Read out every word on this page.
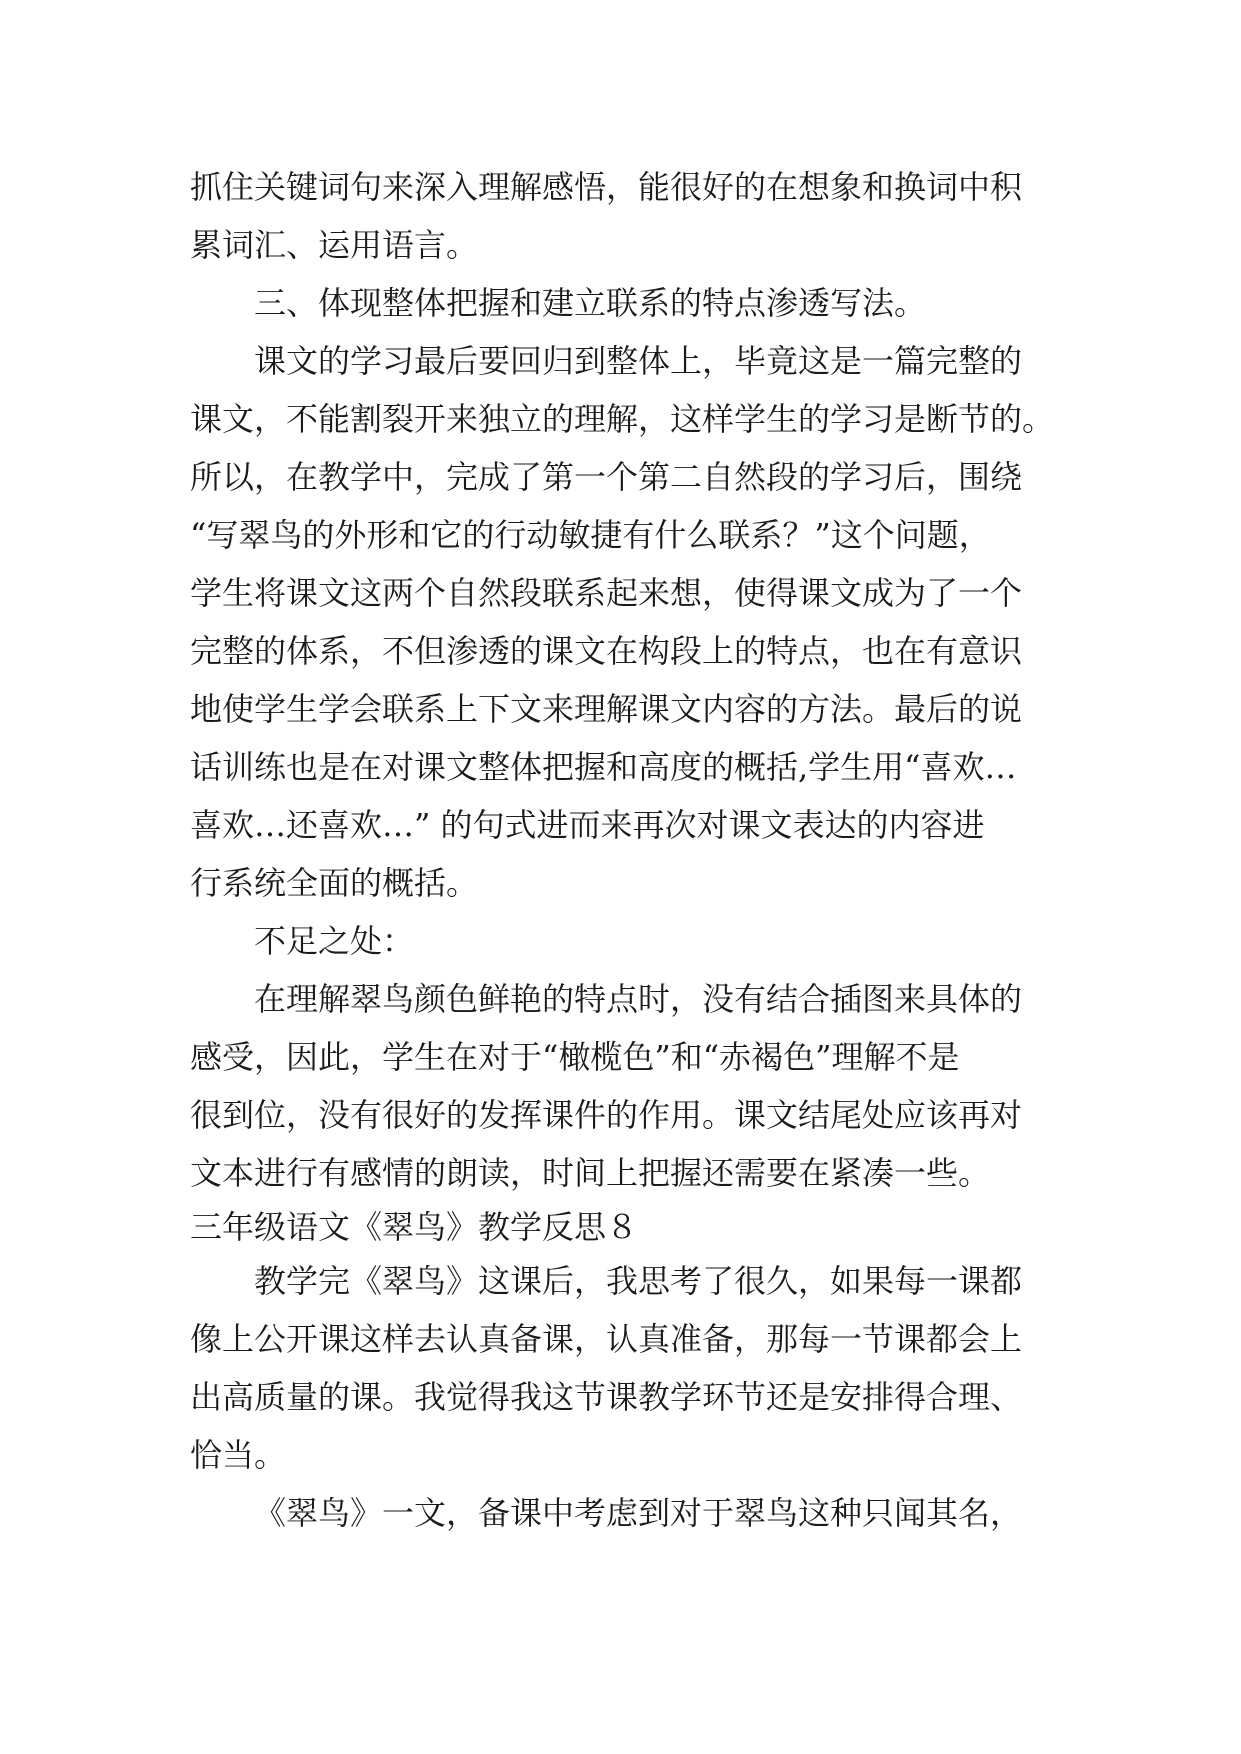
抓住关键词句来深入理解感悟，能很好的在想象和换词中积
累词汇、运用语言。
三、体现整体把握和建立联系的特点渗透写法。
课文的学习最后要回归到整体上，毕竟这是一篇完整的
课文，不能割裂开来独立的理解，这样学生的学习是断节的。
所以，在教学中，完成了第一个第二自然段的学习后，围绕
“写翠鸟的外形和它的行动敏捷有什么联系？”这个问题，
学生将课文这两个自然段联系起来想，使得课文成为了一个
完整的体系，不但渗透的课文在构段上的特点，也在有意识
地使学生学会联系上下文来理解课文内容的方法。最后的说
话训练也是在对课文整体把握和高度的概括,学生用“喜欢…
喜欢…还喜欢…” 的句式进而来再次对课文表达的内容进
行系统全面的概括。
不足之处：
在理解翠鸟颜色鲜艳的特点时，没有结合插图来具体的
感受，因此，学生在对于“橄榄色”和“赤褐色”理解不是
很到位，没有很好的发挥课件的作用。课文结尾处应该再对
文本进行有感情的朗读，时间上把握还需要在紧凑一些。
三年级语文《翠鸟》教学反思８
教学完《翠鸟》这课后，我思考了很久，如果每一课都
像上公开课这样去认真备课，认真准备，那每一节课都会上
出高质量的课。我觉得我这节课教学环节还是安排得合理、
恰当。
《翠鸟》一文，备课中考虑到对于翠鸟这种只闻其名，
